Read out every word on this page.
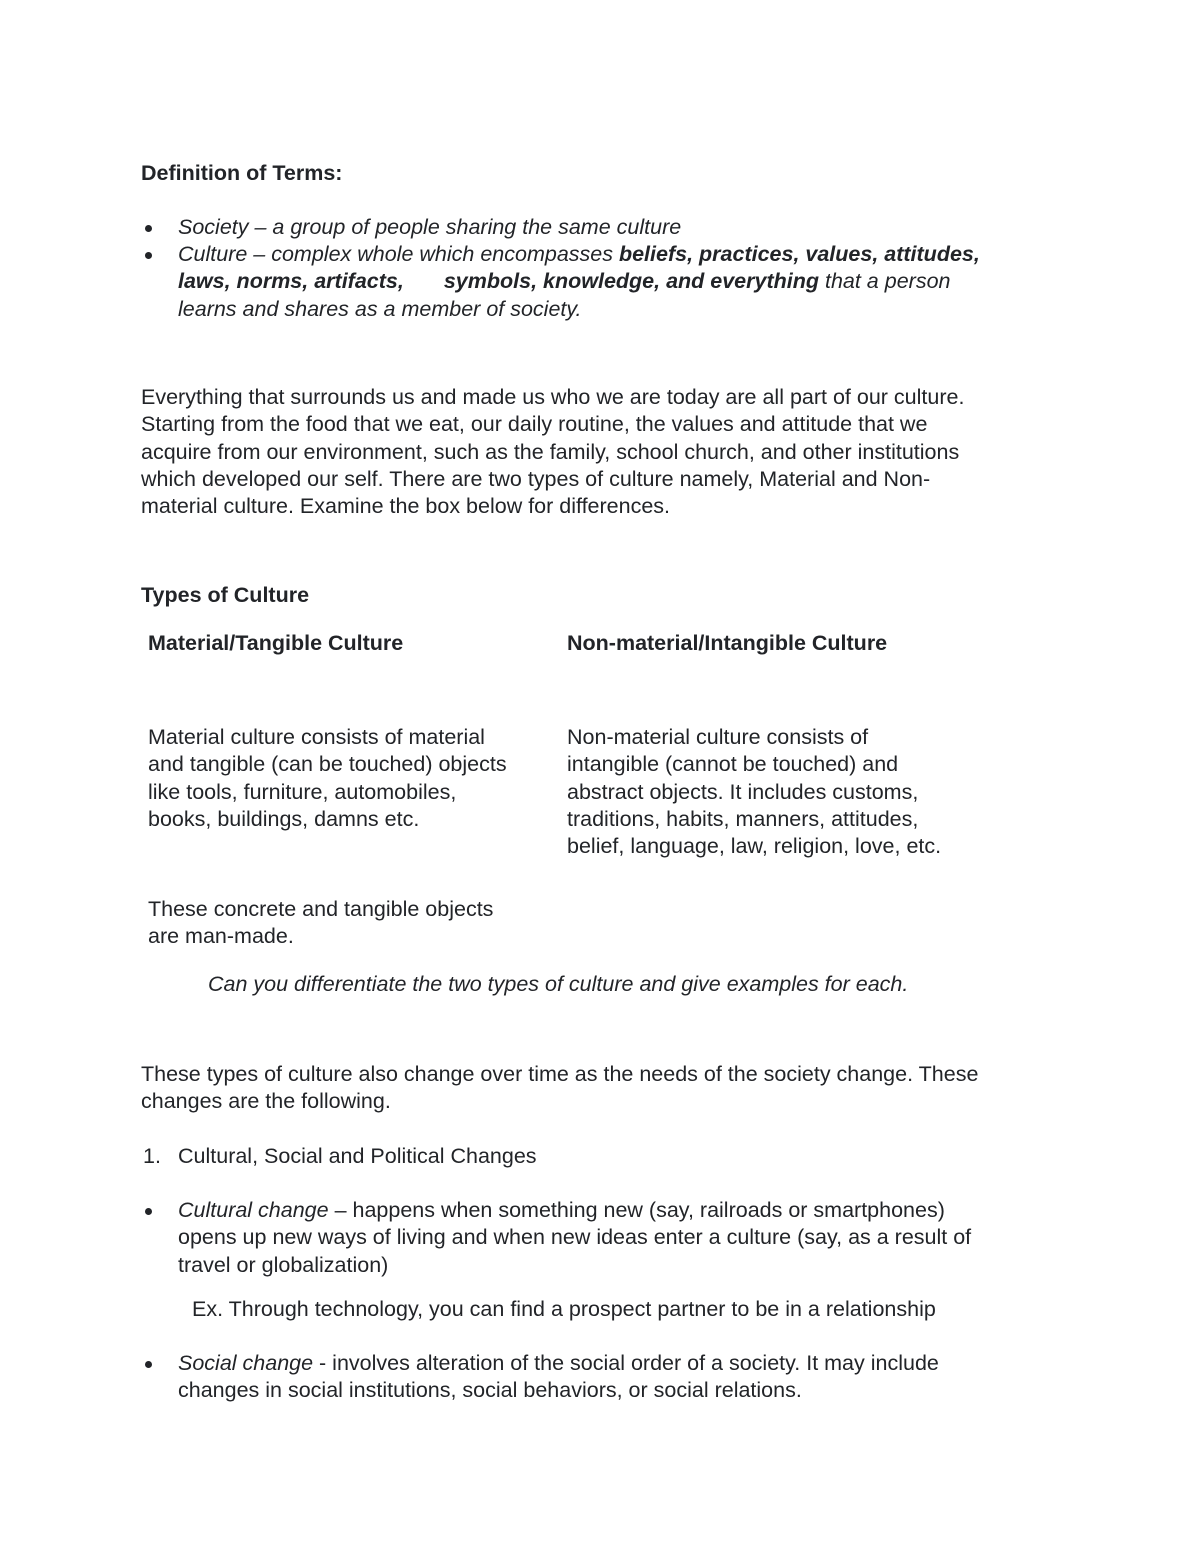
Definition of Terms:

Society – a group of people sharing the same culture

Culture – complex whole which encompasses beliefs, practices, values, attitudes,

laws, norms, artifacts, symbols, knowledge, and everything that a person

learns and shares as a member of society.

Everything that surrounds us and made us who we are today are all part of our culture.
Starting from the food that we eat, our daily routine, the values and attitude that we
acquire from our environment, such as the family, school church, and other institutions
which developed our self. There are two types of culture namely, Material and Non-
material culture. Examine the box below for differences.

Types of Culture

Material/Tangible Culture	Non-material/Intangible Culture

Material culture consists of material
and tangible (can be touched) objects
like tools, furniture, automobiles,
books, buildings, damns etc.
Non-material culture consists of
intangible (cannot be touched) and
abstract objects. It includes customs,
traditions, habits, manners, attitudes,
belief, language, law, religion, love, etc.
These concrete and tangible objects
are man-made.

Can you differentiate the two types of culture and give examples for each.

These types of culture also change over time as the needs of the society change. These
changes are the following.
1. Cultural, Social and Political Changes

Cultural change – happens when something new (say, railroads or smartphones)
opens up new ways of living and when new ideas enter a culture (say, as a result of
travel or globalization)

Ex. Through technology, you can find a prospect partner to be in a relationship

Social change - involves alteration of the social order of a society. It may include
changes in social institutions, social behaviors, or social relations.
